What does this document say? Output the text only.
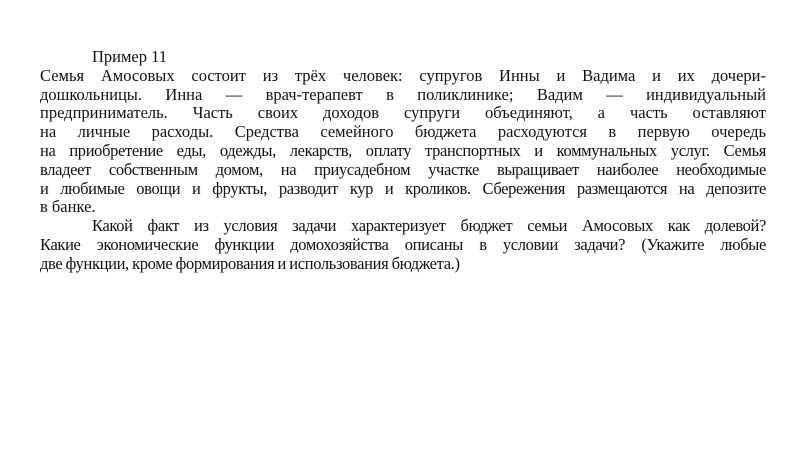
Пример 11
Семья Амосовых состоит из трёх человек: супругов Инны и Вадима и их дочери-
дошкольницы. Инна — врач-терапевт в поликлинике; Вадим — индивидуальный
предприниматель. Часть своих доходов супруги объединяют, а часть оставляют
на личные расходы. Средства семейного бюджета расходуются в первую очередь
на приобретение еды, одежды, лекарств, оплату транспортных и коммунальных услуг. Семья
владеет собственным домом, на приусадебном участке выращивает наиболее необходимые
и любимые овощи и фрукты, разводит кур и кроликов. Сбережения размещаются на депозите
в банке.
Какой факт из условия задачи характеризует бюджет семьи Амосовых как долевой?
Какие экономические функции домохозяйства описаны в условии задачи? (Укажите любые
две функции, кроме формирования и использования бюджета.)
